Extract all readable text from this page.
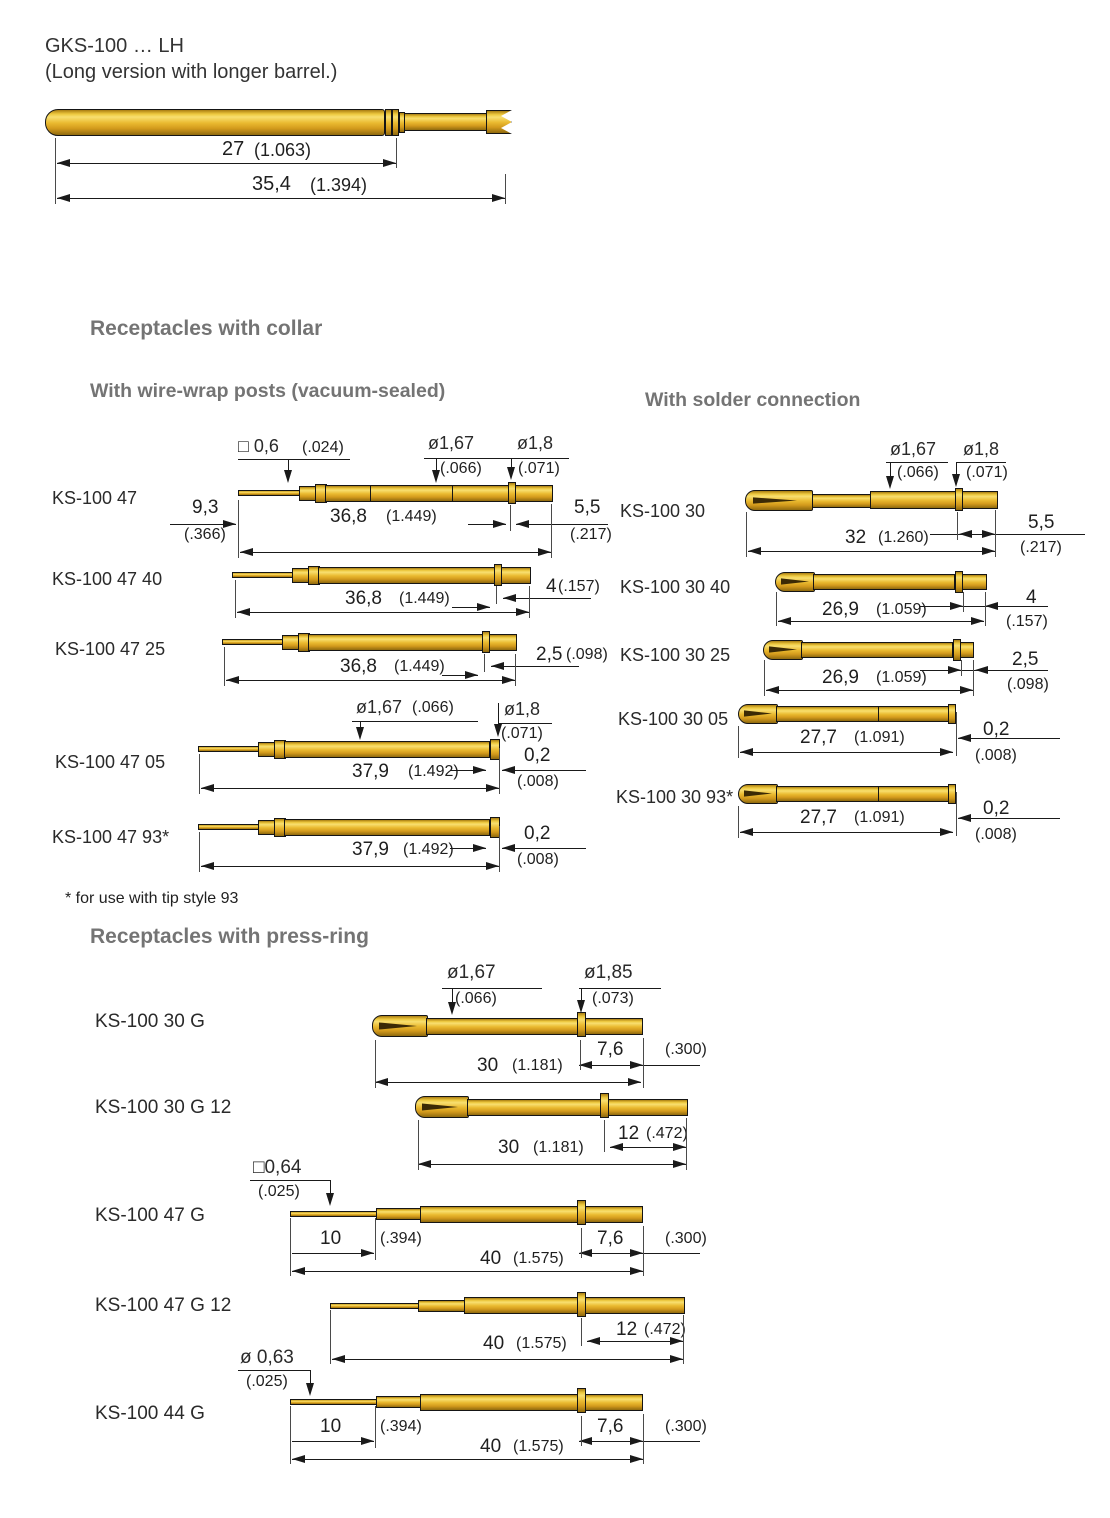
GKS-100 … LH
(Long version with longer barrel.)
27 (1.063)
35,4 (1.394)
Receptacles with collar
With wire-wrap posts (vacuum-sealed)	With solder connection
KS-100 47
□ 0,6 (.024)	ø1,67
(.066)
ø1,8
(.071)
9,3
(.366)
36,8 (1.449)	5,5
(.217)
KS-100 47 40
36,8 (1.449)
4 (.157)
KS-100 47 25
36,8 (1.449)
2,5 (.098)
KS-100 47 05
ø1,67 (.066)	ø1,8
(.071)
37,9 (1.492)
0,2
(.008)
KS-100 47 93*
37,9 (1.492)
0,2
(.008)
* for use with tip style 93
KS-100 30
ø1,67
(.066)
ø1,8
(.071)
32 (1.260)
5,5
(.217)
KS-100 30 40
26,9 (1.059)
4
(.157)
KS-100 30 25
26,9 (1.059)
2,5
(.098)
KS-100 30 05
27,7 (1.091)	0,2
(.008)
KS-100 30 93*
27,7 (1.091)	0,2
(.008)
Receptacles with press-ring
KS-100 30 G
ø1,67
(.066)
ø1,85
(.073)
7,6	(.300)
30 (1.181)
KS-100 30 G 12
12 (.472)
30 (1.181)
KS-100 47 G
□0,64
(.025)
10 (.394)
40 (1.575)
7,6	(.300)
KS-100 47 G 12
40 (1.575)
12 (.472)
KS-100 44 G
ø 0,63
(.025)
10 (.394)
40 (1.575)
7,6	(.300)
